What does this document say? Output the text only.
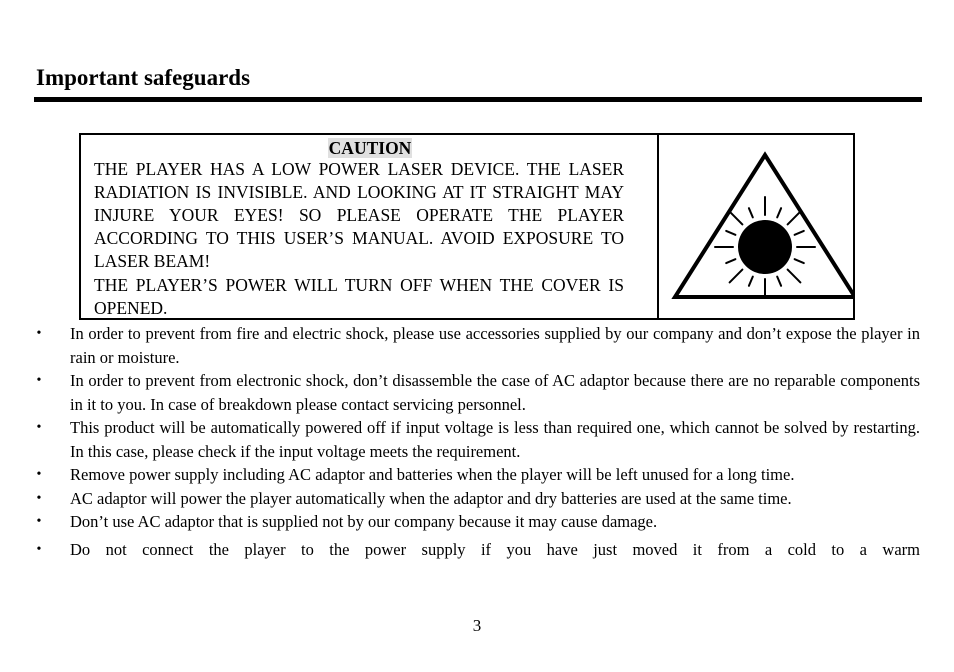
Important safeguards
CAUTION
THE PLAYER HAS A LOW POWER LASER DEVICE. THE LASER RADIATION IS INVISIBLE. AND LOOKING AT IT STRAIGHT MAY INJURE YOUR EYES! SO PLEASE OPERATE THE PLAYER ACCORDING TO THIS USER’S MANUAL. AVOID EXPOSURE TO LASER BEAM!
THE PLAYER’S POWER WILL TURN OFF WHEN THE COVER IS OPENED.
• In order to prevent from fire and electric shock, please use accessories supplied by our company and don’t expose the player in rain or moisture.
• In order to prevent from electronic shock, don’t disassemble the case of AC adaptor because there are no reparable components in it to you. In case of breakdown please contact servicing personnel.
• This product will be automatically powered off if input voltage is less than required one, which cannot be solved by restarting. In this case, please check if the input voltage meets the requirement.
• Remove power supply including AC adaptor and batteries when the player will be left unused for a long time.
• AC adaptor will power the player automatically when the adaptor and dry batteries are used at the same time.
• Don’t use AC adaptor that is supplied not by our company because it may cause damage.
• Do not connect the player to the power supply if you have just moved it from a cold to a warm
3
